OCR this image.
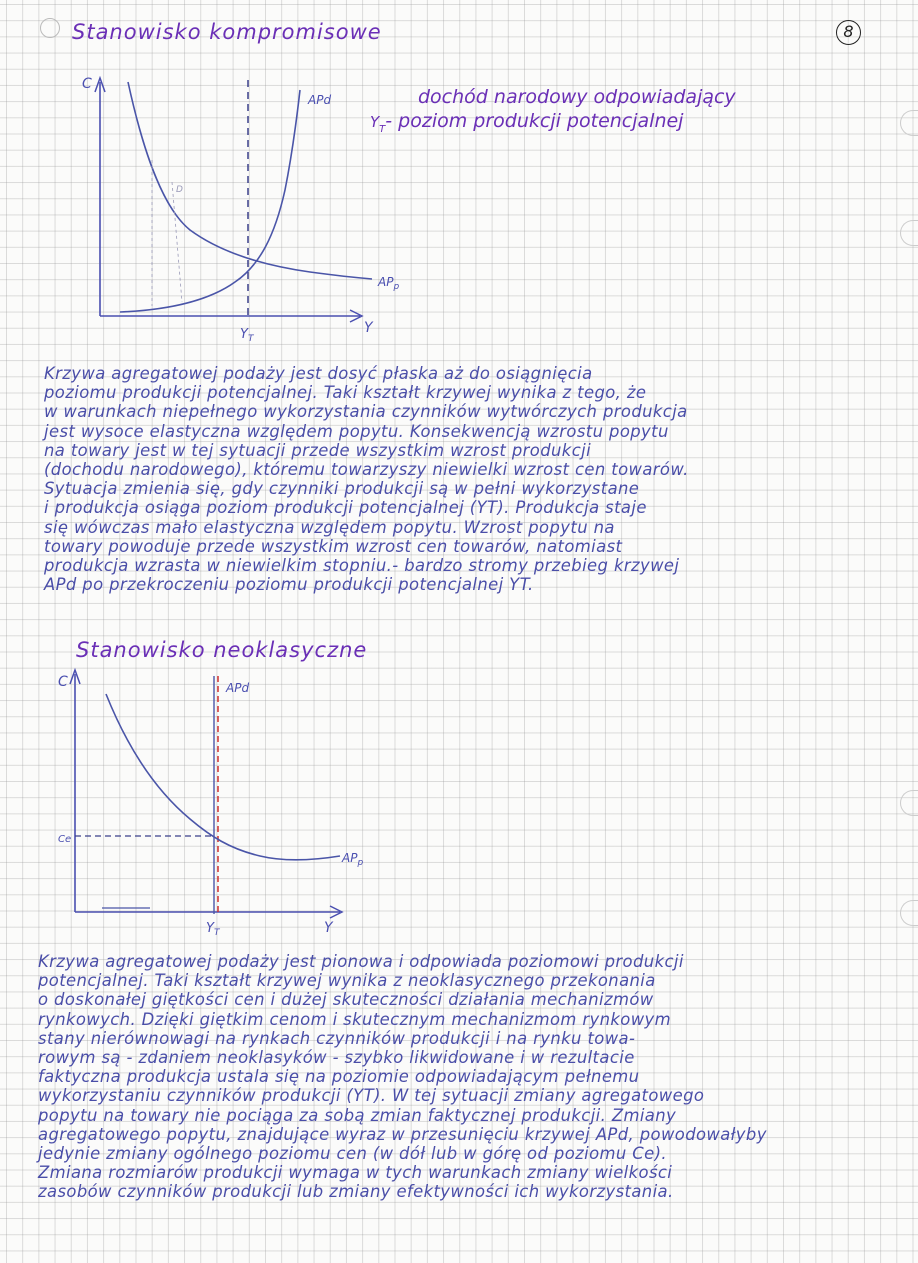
8
Stanowisko kompromisowe
dochód narodowy odpowiadający
$Y_T-$ poziom produkcji potencjalnej
C
Y
$Y_T$
D
APd
$AP_p$
Krzywa agregatowej podaży jest dosyć płaska aż do osiągnięcia
poziomu produkcji potencjalnej. Taki kształt krzywej wynika z tego, że
w warunkach niepełnego wykorzystania czynników wytwórczych produkcja
jest wysoce elastyczna względem popytu. Konsekwencją wzrostu popytu
na towary jest w tej sytuacji przede wszystkim wzrost produkcji
(dochodu narodowego), któremu towarzyszy niewielki wzrost cen towarów.
Sytuacja zmienia się, gdy czynniki produkcji są w pełni wykorzystane
i produkcja osiąga poziom produkcji potencjalnej (YT). Produkcja staje
się wówczas mało elastyczna względem popytu. Wzrost popytu na
towary powoduje przede wszystkim wzrost cen towarów, natomiast
produkcja wzrasta w niewielkim stopniu.- bardzo stromy przebieg krzywej
APd po przekroczeniu poziomu produkcji potencjalnej YT.
Stanowisko neoklasyczne
C
Y
APd
Ce
$AP_p$
$Y_T$
Krzywa agregatowej podaży jest pionowa i odpowiada poziomowi produkcji
potencjalnej. Taki kształt krzywej wynika z neoklasycznego przekonania
o doskonałej giętkości cen i dużej skuteczności działania mechanizmów
rynkowych. Dzięki giętkim cenom i skutecznym mechanizmom rynkowym
stany nierównowagi na rynkach czynników produkcji i na rynku towa-
rowym są - zdaniem neoklasyków - szybko likwidowane i w rezultacie
faktyczna produkcja ustala się na poziomie odpowiadającym pełnemu
wykorzystaniu czynników produkcji (YT). W tej sytuacji zmiany agregatowego
popytu na towary nie pociąga za sobą zmian faktycznej produkcji. Zmiany
agregatowego popytu, znajdujące wyraz w przesunięciu krzywej APd, powodowałyby
jedynie zmiany ogólnego poziomu cen (w dół lub w górę od poziomu Ce).
Zmiana rozmiarów produkcji wymaga w tych warunkach zmiany wielkości
zasobów czynników produkcji lub zmiany efektywności ich wykorzystania.
